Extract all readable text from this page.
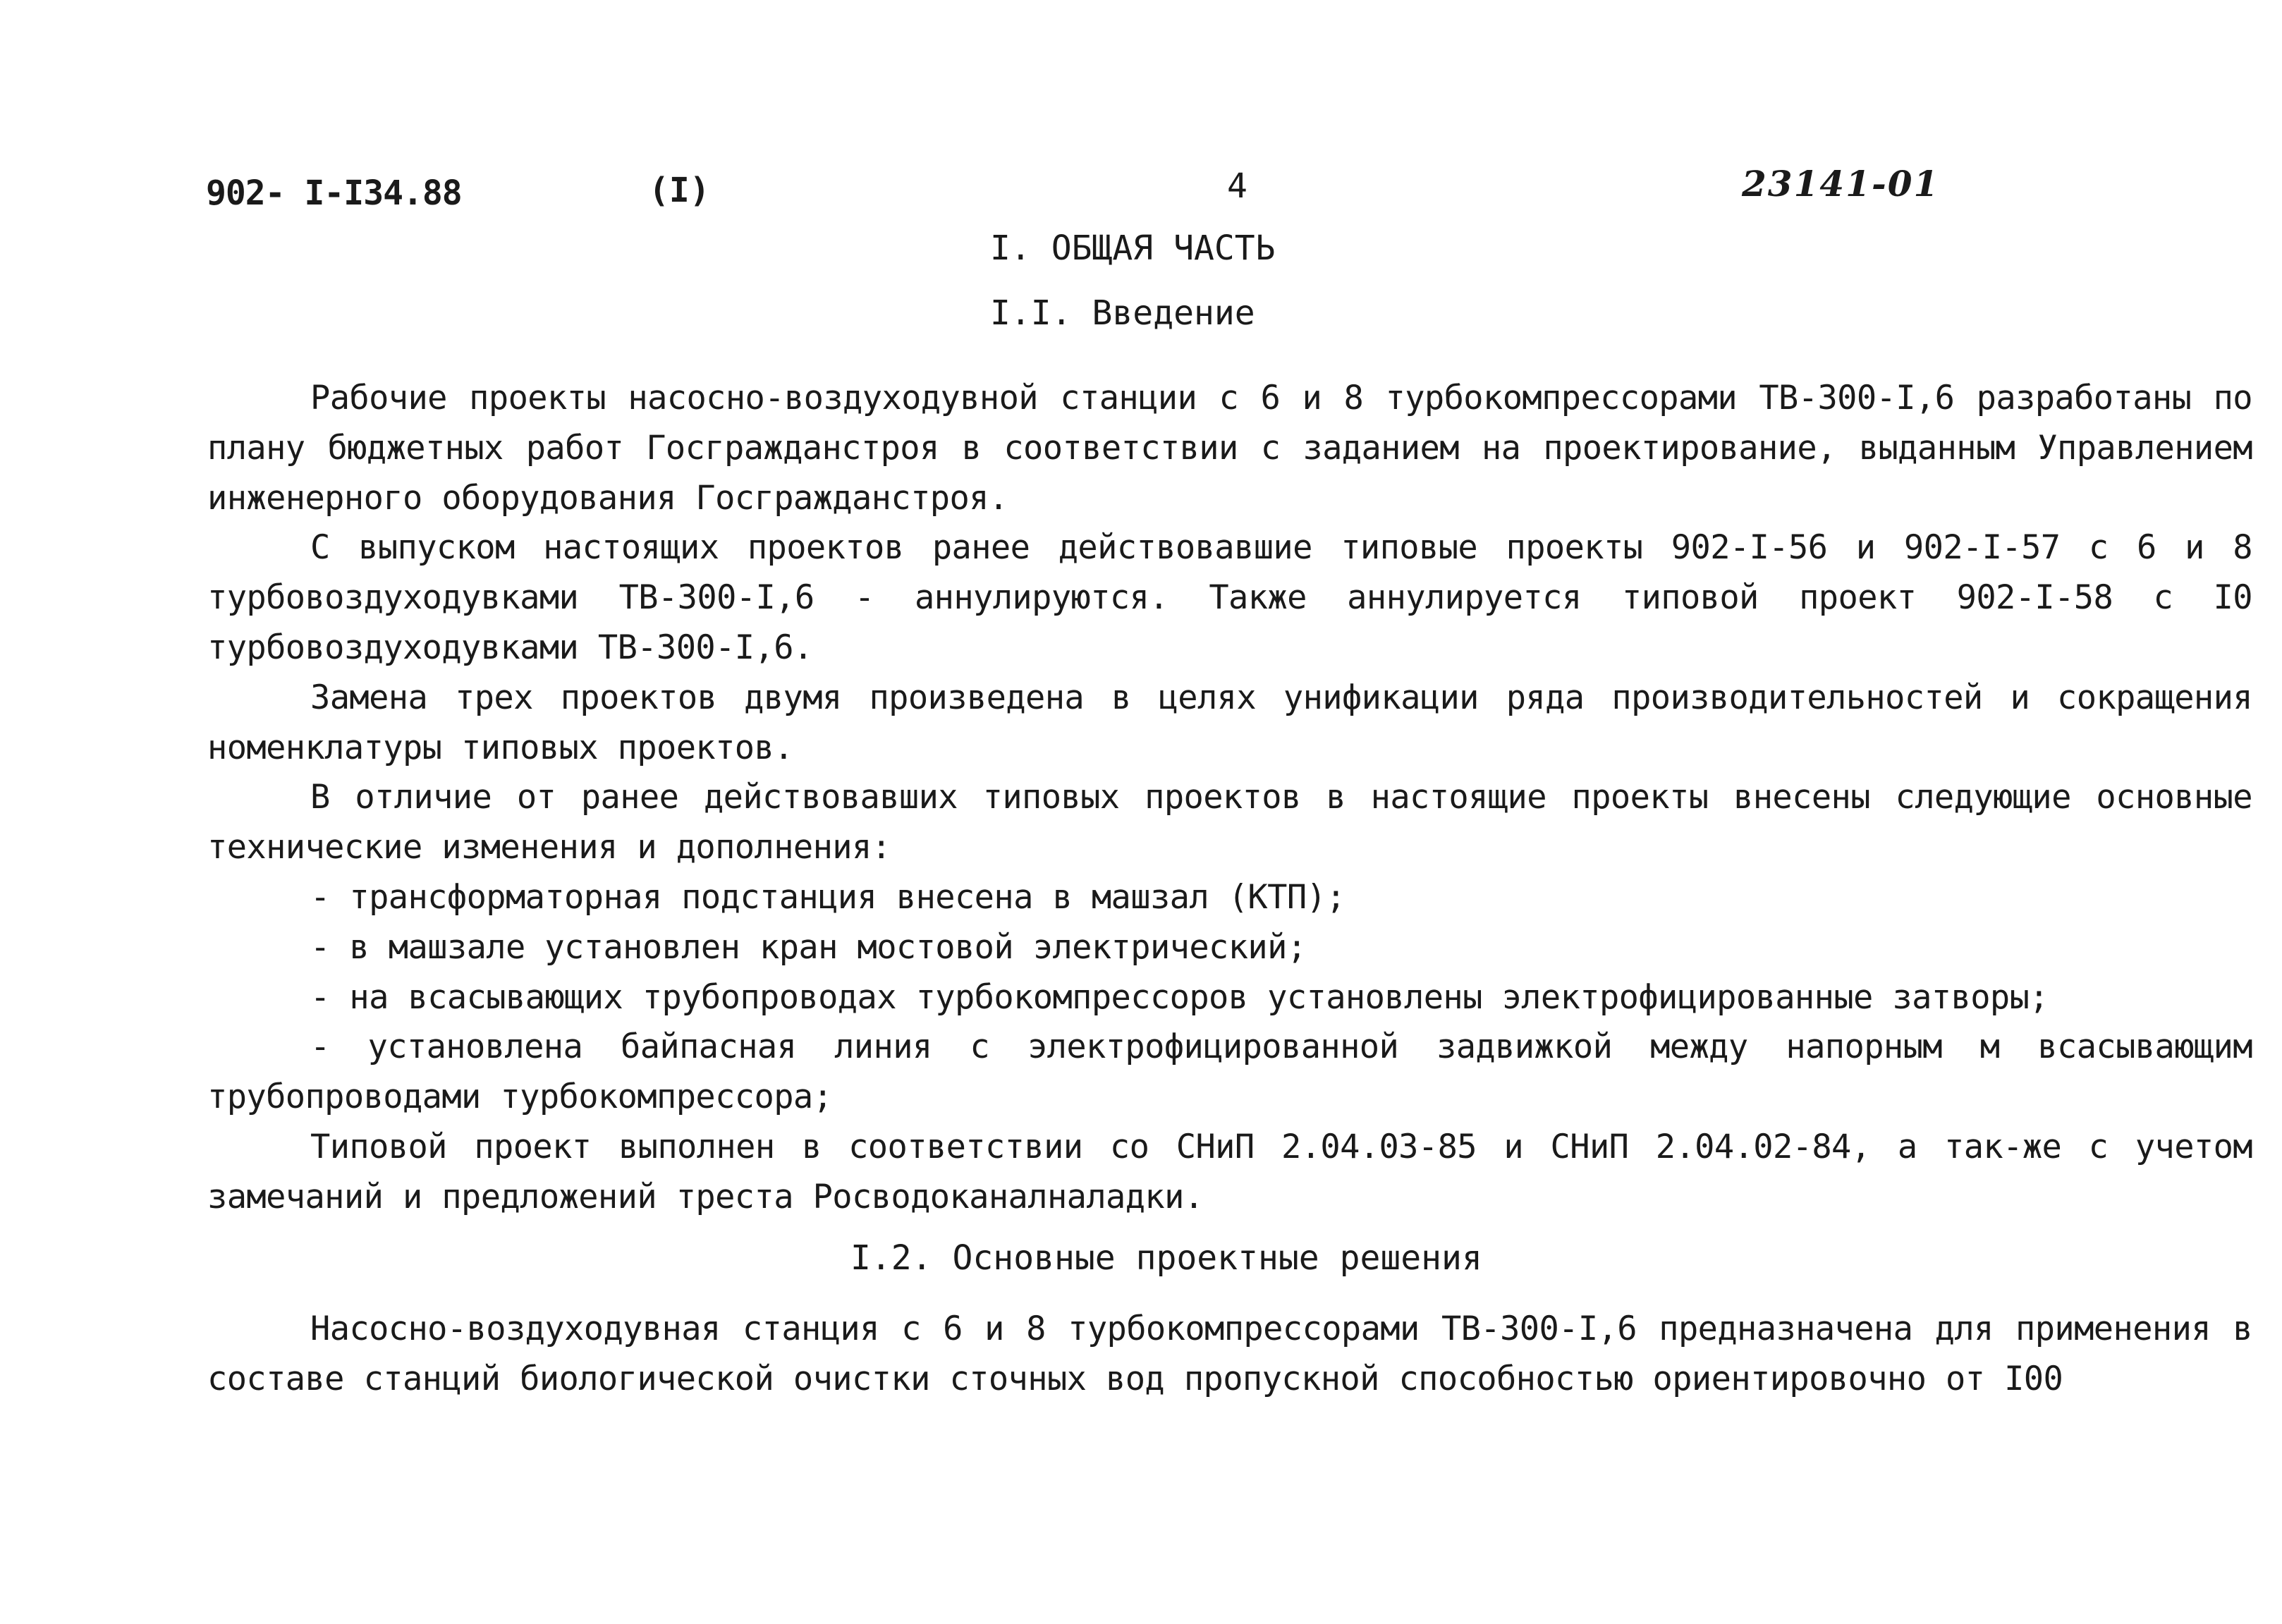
902- I-I34.88	(I)	4	23141-01
I. ОБЩАЯ ЧАСТЬ
I.I. Введение

Рабочие проекты насосно-воздуходувной станции с 6 и 8 турбокомпрессорами ТВ-300-I,6 разработаны по плану бюджетных работ Госгражданстроя в соответствии с заданием на проектирование, выданным Управлением инженерного оборудования Госгражданстроя.

С выпуском настоящих проектов ранее действовавшие типовые проекты 902-I-56 и 902-I-57 с 6 и 8 турбовоздуходувками ТВ-300-I,6 - аннулируются. Также аннулируется типовой проект 902-I-58 с I0 турбовоздуходувками ТВ-300-I,6.

Замена трех проектов двумя произведена в целях унификации ряда производительностей и сокращения номенклатуры типовых проектов.

В отличие от ранее действовавших типовых проектов в настоящие проекты внесены следующие основные технические изменения и дополнения:

- трансформаторная подстанция внесена в машзал (КТП);

- в машзале установлен кран мостовой электрический;

- на всасывающих трубопроводах турбокомпрессоров установлены электрофицированные затворы;

- установлена байпасная линия с электрофицированной задвижкой между напорным м всасывающим трубопроводами турбокомпрессора;

Типовой проект выполнен в соответствии со СНиП 2.04.03-85 и СНиП 2.04.02-84, а так-же с учетом замечаний и предложений треста Росводоканалналадки.

I.2. Основные проектные решения

Насосно-воздуходувная станция с 6 и 8 турбокомпрессорами ТВ-300-I,6 предназначена для применения в составе станций биологической очистки сточных вод пропускной способностью ориентировочно от I00
